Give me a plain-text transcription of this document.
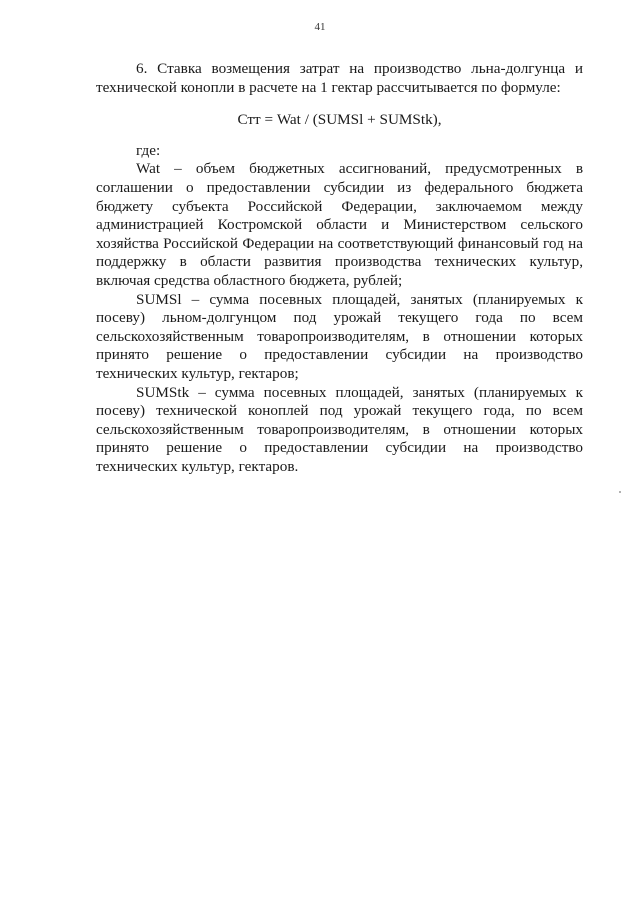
41

6. Ставка возмещения затрат на производство льна-долгунца и технической конопли в расчете на 1 гектар рассчитывается по формуле:

Стт = Wat / (SUMSl + SUMStk),

где:

Wat – объем бюджетных ассигнований, предусмотренных в соглашении о предоставлении субсидии из федерального бюджета бюджету субъекта Российской Федерации, заключаемом между администрацией Костромской области и Министерством сельского хозяйства Российской Федерации на соответствующий финансовый год на поддержку в области развития производства технических культур, включая средства областного бюджета, рублей;

SUMSl – сумма посевных площадей, занятых (планируемых к посеву) льном-долгунцом под урожай текущего года по всем сельскохозяйственным товаропроизводителям, в отношении которых принято решение о предоставлении субсидии на производство технических культур, гектаров;

SUMStk – сумма посевных площадей, занятых (планируемых к посеву) технической коноплей под урожай текущего года, по всем сельскохозяйственным товаропроизводителям, в отношении которых принято решение о предоставлении субсидии на производство технических культур, гектаров.
